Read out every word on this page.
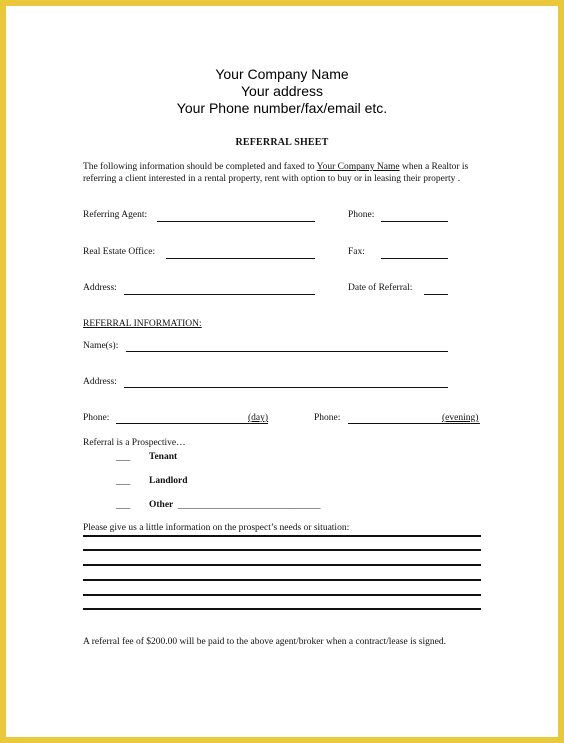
Your Company Name
Your address
Your Phone number/fax/email etc.
REFERRAL SHEET
The following information should be completed and faxed to Your Company Name when a Realtor is referring a client interested in a rental property, rent with option to buy or in leasing their property .
Referring Agent:	Phone:
Real Estate Office:	Fax:
Address:	Date of Referral:
REFERRAL INFORMATION:
Name(s):
Address:
Phone:	(day)	Phone:	(evening)
Referral is a Prospective…
___ Tenant
___ Landlord
___ Other ______________________________
Please give us a little information on the prospect’s needs or situation:
A referral fee of $200.00 will be paid to the above agent/broker when a contract/lease is signed.
